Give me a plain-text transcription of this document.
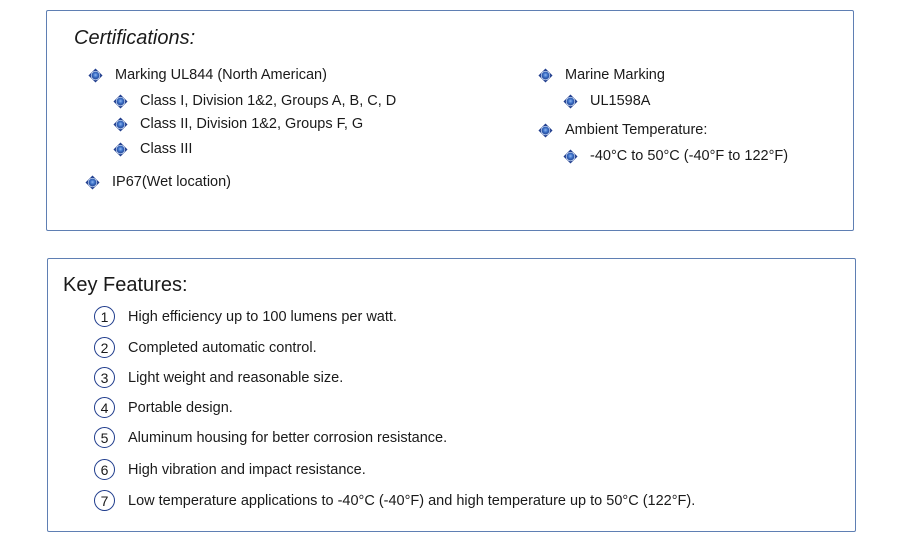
Certifications:
Marking UL844 (North American)
Class I, Division 1&2, Groups A, B, C, D
Class II, Division 1&2, Groups F, G
Class III
IP67(Wet location)
Marine Marking
UL1598A
Ambient Temperature:
-40°C to 50°C (-40°F to 122°F)
Key Features:
1	High efficiency up to 100 lumens per watt.
2	Completed automatic control.
3	Light weight and reasonable size.
4	Portable design.
5	Aluminum housing for better corrosion resistance.
6	High vibration and impact resistance.
7	Low temperature applications to -40°C (-40°F) and high temperature up to 50°C (122°F).
